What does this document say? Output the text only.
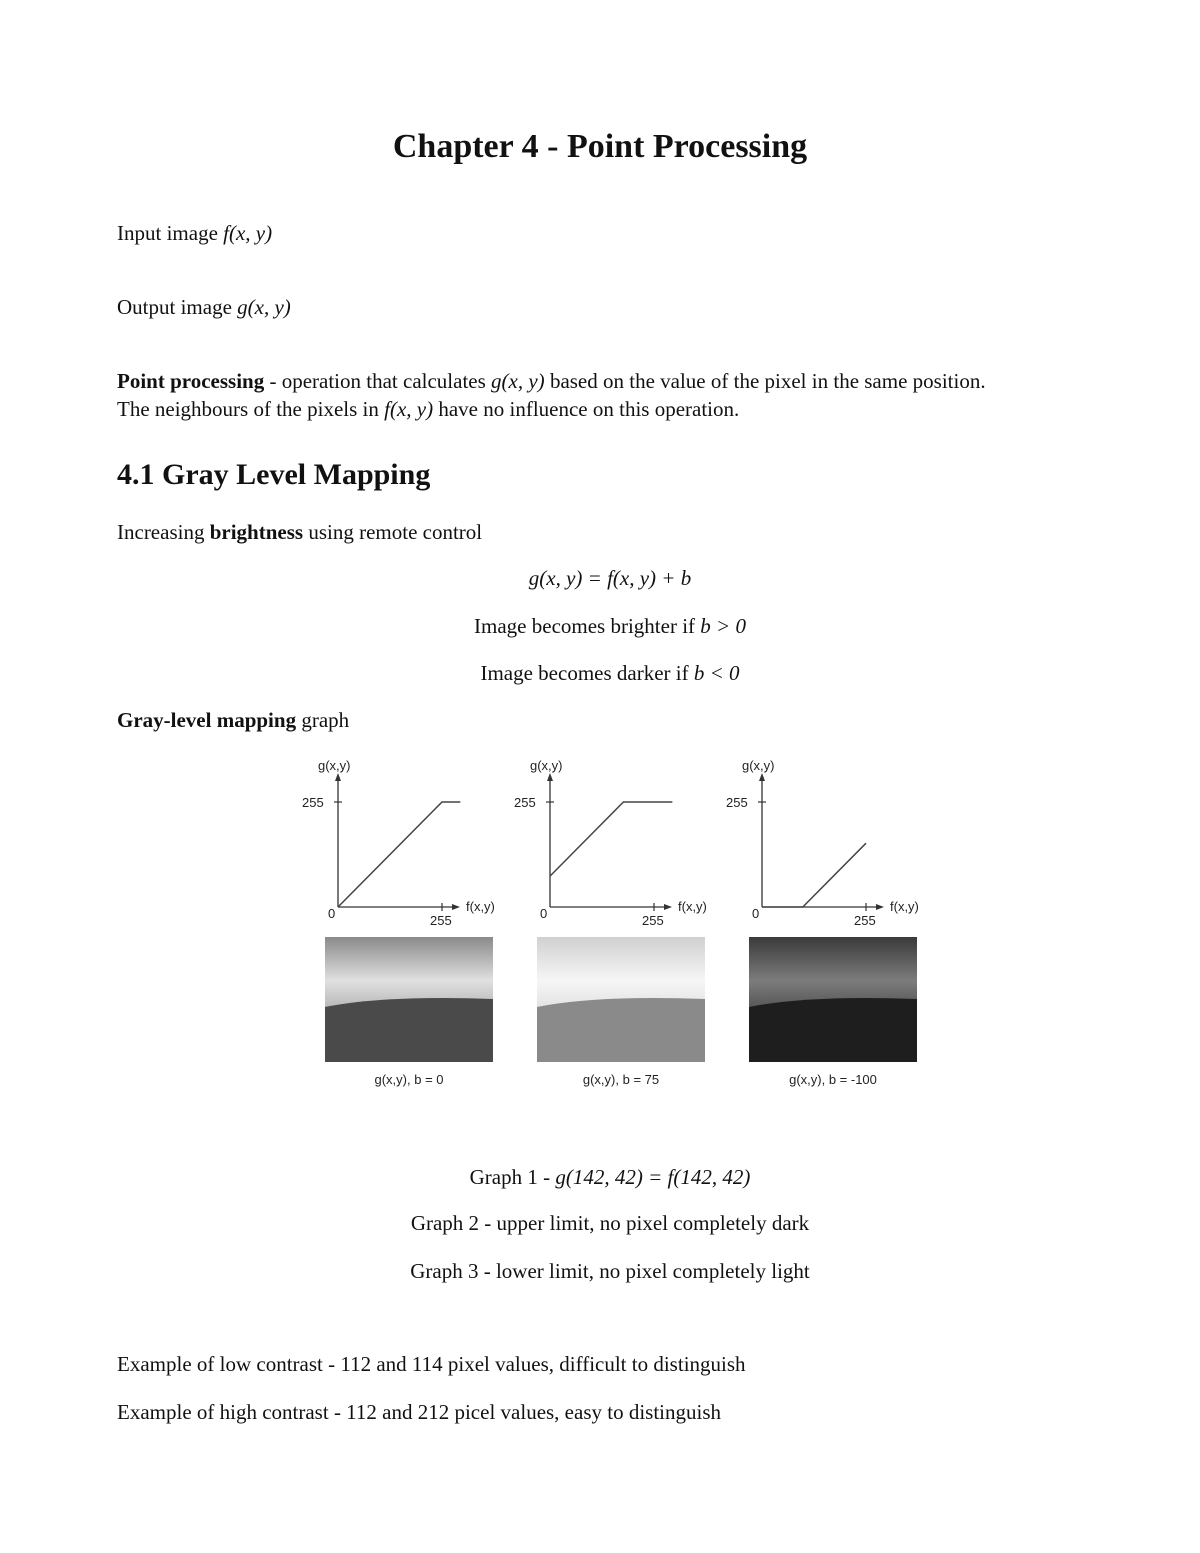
Chapter 4 - Point Processing
Input image f(x, y)
Output image g(x, y)
Point processing - operation that calculates g(x, y) based on the value of the pixel in the same position.
The neighbours of the pixels in f(x, y) have no influence on this operation.
4.1 Gray Level Mapping
Increasing brightness using remote control
g(x, y) = f(x, y) + b
Image becomes brighter if b > 0
Image becomes darker if b < 0
Gray-level mapping graph
g(x,y)
f(x,y)
255
255
0
g(x,y), b = 0
g(x,y)
f(x,y)
255
255
0
g(x,y), b = 75
g(x,y)
f(x,y)
255
255
0
g(x,y), b = -100
Graph 1 - g(142, 42) = f(142, 42)
Graph 2 - upper limit, no pixel completely dark
Graph 3 - lower limit, no pixel completely light
Example of low contrast - 112 and 114 pixel values, difficult to distinguish
Example of high contrast - 112 and 212 picel values, easy to distinguish
